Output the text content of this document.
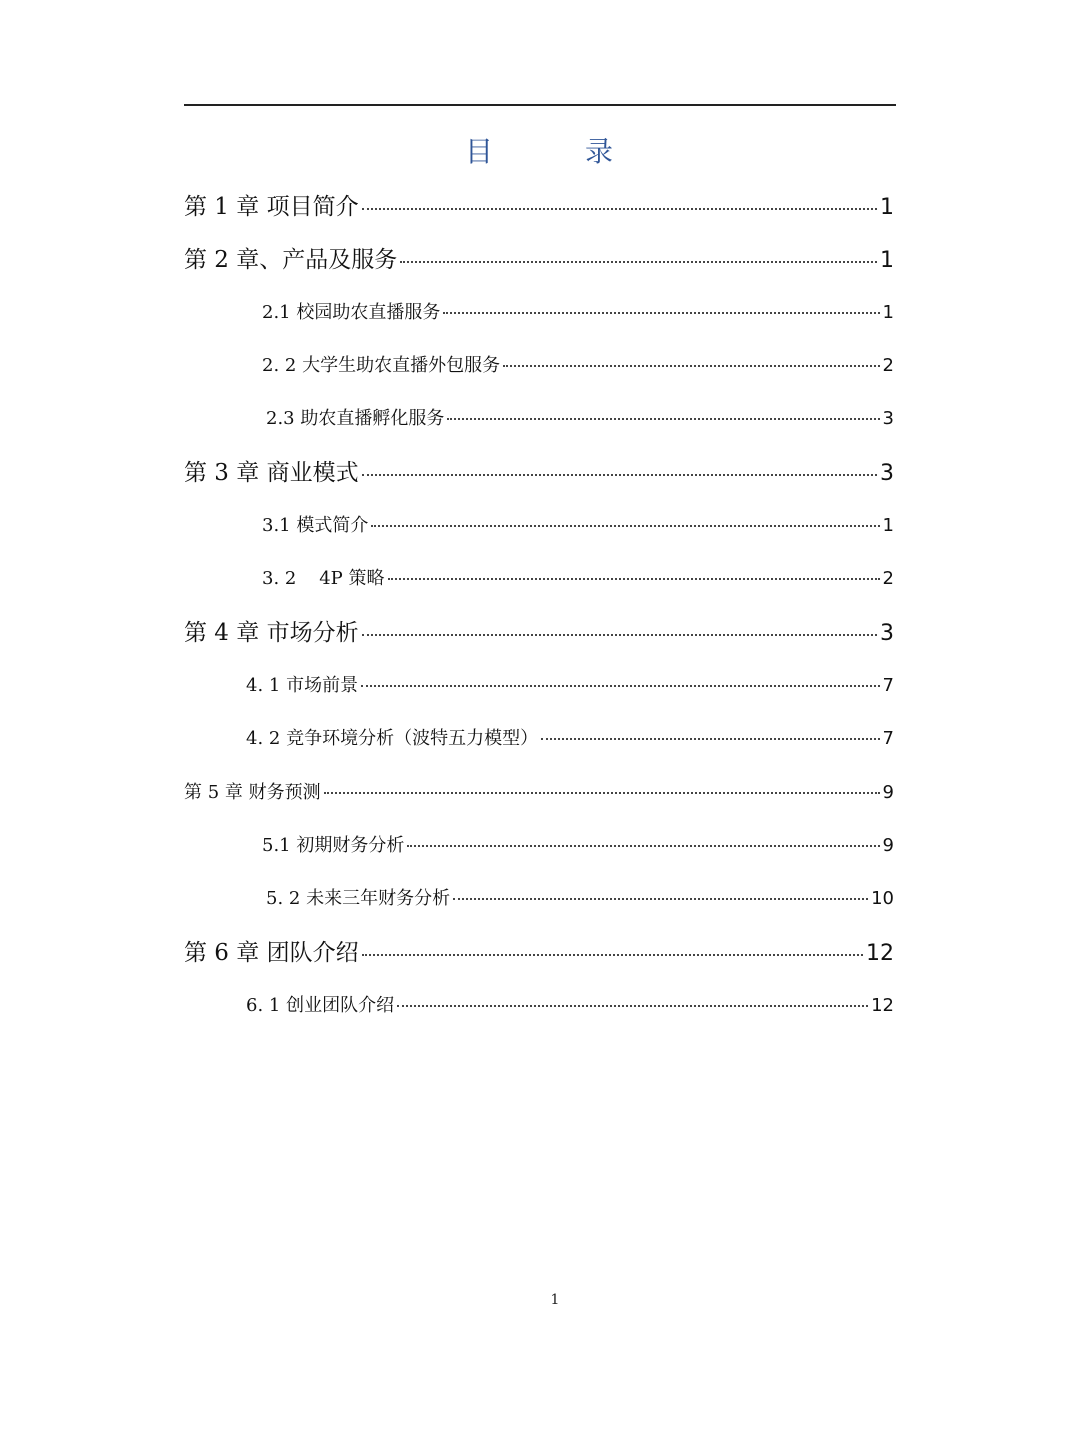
目	录
第 1 章 项目简介	1
第 2 章、产品及服务	1
2.1 校园助农直播服务	1
2. 2 大学生助农直播外包服务	2
2.3 助农直播孵化服务	3
第 3 章 商业模式	3
3.1 模式简介	1
3. 2    4P 策略	2
第 4 章 市场分析	3
4. 1 市场前景	7
4. 2 竞争环境分析（波特五力模型）	7
第 5 章 财务预测	9
5.1 初期财务分析	9
5. 2 未来三年财务分析	10
第 6 章 团队介绍	12
6. 1 创业团队介绍	12
1
